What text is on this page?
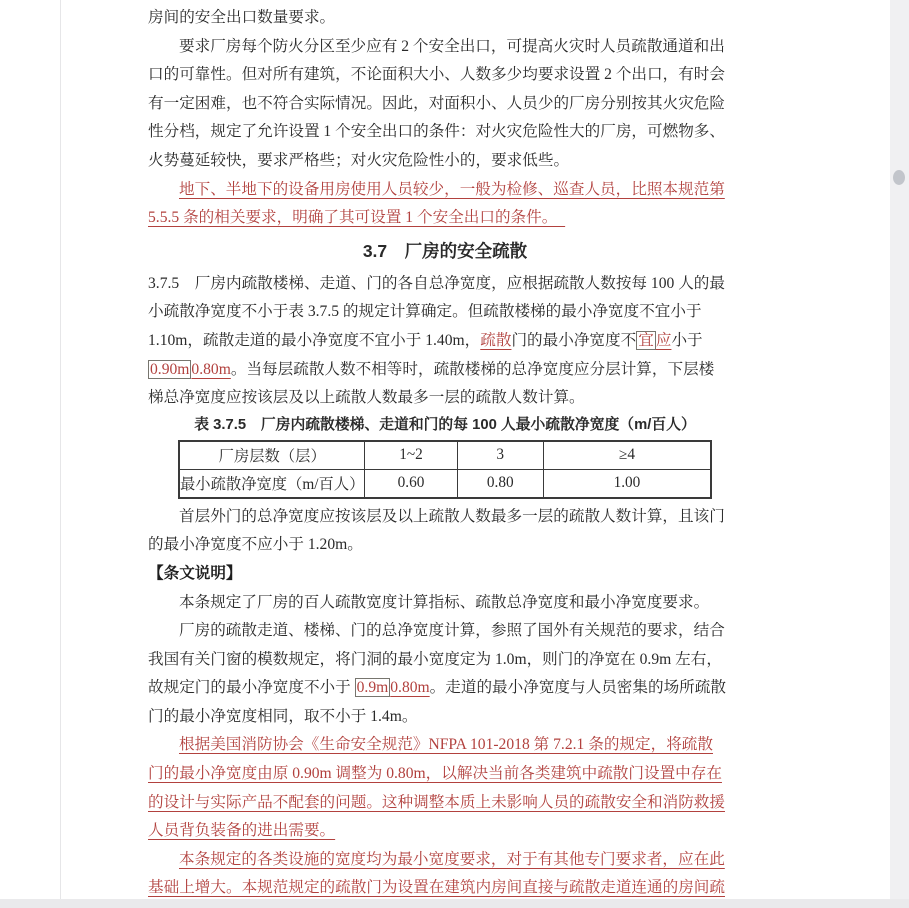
房间的安全出口数量要求。
要求厂房每个防火分区至少应有 2 个安全出口，可提高火灾时人员疏散通道和出
口的可靠性。但对所有建筑，不论面积大小、人数多少均要求设置 2 个出口，有时会
有一定困难，也不符合实际情况。因此，对面积小、人员少的厂房分别按其火灾危险
性分档，规定了允许设置 1 个安全出口的条件：对火灾危险性大的厂房，可燃物多、
火势蔓延较快，要求严格些；对火灾危险性小的，要求低些。
地下、半地下的设备用房使用人员较少，一般为检修、巡查人员，比照本规范第
5.5.5 条的相关要求，明确了其可设置 1 个安全出口的条件。　
3.7　厂房的安全疏散
3.7.5　厂房内疏散楼梯、走道、门的各自总净宽度，应根据疏散人数按每 100 人的最
小疏散净宽度不小于表 3.7.5 的规定计算确定。但疏散楼梯的最小净宽度不宜小于
1.10m，疏散走道的最小净宽度不宜小于 1.40m，疏散门的最小净宽度不 宜 应小于
0.90m 0.80m。当每层疏散人数不相等时，疏散楼梯的总净宽度应分层计算，下层楼
梯总净宽度应按该层及以上疏散人数最多一层的疏散人数计算。
表 3.7.5　厂房内疏散楼梯、走道和门的每 100 人最小疏散净宽度（m/百人）
厂房层数（层）	1~2	3	≥4
最小疏散净宽度（m/百人）	0.60	0.80	1.00
首层外门的总净宽度应按该层及以上疏散人数最多一层的疏散人数计算，且该门
的最小净宽度不应小于 1.20m。
【条文说明】
本条规定了厂房的百人疏散宽度计算指标、疏散总净宽度和最小净宽度要求。
厂房的疏散走道、楼梯、门的总净宽度计算，参照了国外有关规范的要求，结合
我国有关门窗的模数规定，将门洞的最小宽度定为 1.0m，则门的净宽在 0.9m 左右，
故规定门的最小净宽度不小于 0.9m 0.80m。走道的最小净宽度与人员密集的场所疏散
门的最小净宽度相同，取不小于 1.4m。
根据美国消防协会《生命安全规范》NFPA 101-2018 第 7.2.1 条的规定，将疏散
门的最小净宽度由原 0.90m 调整为 0.80m，以解决当前各类建筑中疏散门设置中存在
的设计与实际产品不配套的问题。这种调整本质上未影响人员的疏散安全和消防救援
人员背负装备的进出需要。
本条规定的各类设施的宽度均为最小宽度要求，对于有其他专门要求者，应在此
基础上增大。本规范规定的疏散门为设置在建筑内房间直接与疏散走道连通的房间疏
